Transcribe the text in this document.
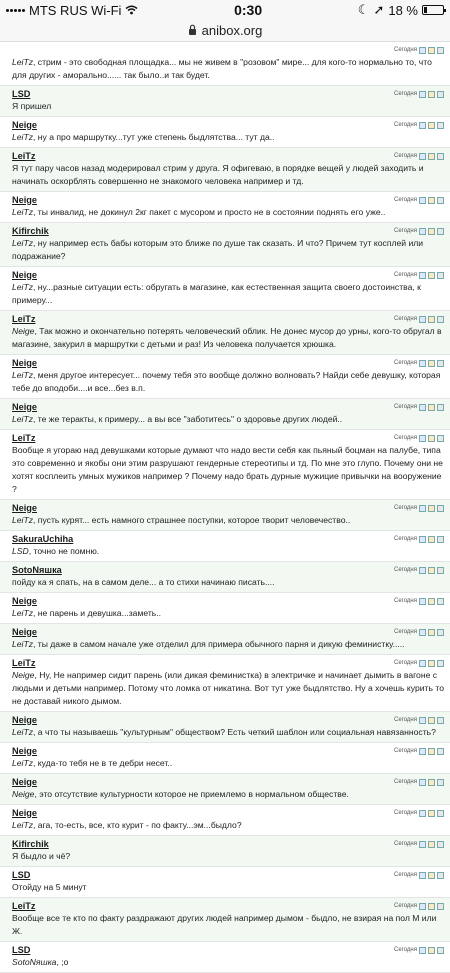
MTS RUS Wi-Fi	0:30	☾ ➚ 18 %
anibox.org
Сегодня
LeiTz, стрим - это свободная площадка... мы не живем в "розовом" мире... для кого-то нормально то, что для других - аморально...... так было..и так будет.
LSD	Сегодня
Я пришел
Neige	Сегодня
LeiTz, ну а про маршрутку...тут уже степень быдлятства... тут да..
LeiTz	Сегодня
Я тут пару часов назад модерировал стрим у друга. Я офигеваю, в порядке вещей у людей заходить и начинать оскорблять совершенно не знакомого человека например и тд.
Neige	Сегодня
LeiTz, ты инвалид, не докинул 2кг пакет с мусором и просто не в состоянии поднять его уже..
Kifirchik	Сегодня
LeiTz, ну например есть бабы которым это ближе по душе так сказать. И что? Причем тут косплей или подражание?
Neige	Сегодня
LeiTz, ну...разные ситуации есть: обругать в магазине, как естественная защита своего достоинства, к примеру...
LeiTz	Сегодня
Neige, Так можно и окончательно потерять человеческий облик. Не донес мусор до урны, кого-то обругал в магазине, закурил в маршрутки с детьми и раз! Из человека получается хрюшка.
Neige	Сегодня
LeiTz, меня другое интересует... почему тебя это вообще должно волновать? Найди себе девушку, которая тебе до вподоби....и все...без в.п.
Neige	Сегодня
LeiTz, те же теракты, к примеру... а вы все "заботитесь" о здоровье других людей..
LeiTz	Сегодня
Вообще я угораю над девушками которые думают что надо вести себя как пьяный боцман на палубе, типа это современно и якобы они этим разрушают гендерные стереотипы и тд. По мне это глупо. Почему они не хотят косплеить умных мужиков например ? Почему надо брать дурные мужицие привычки на вооружение ?
Neige	Сегодня
LeiTz, пусть курят... есть намного страшнее поступки, которое творит человечество..
SakuraUchiha	Сегодня
LSD, точно не помню.
SotoNяшка	Сегодня
пойду ка я спать, на в самом деле... а то стихи начинаю писать....
Neige	Сегодня
LeiTz, не парень и девушка...заметь..
Neige	Сегодня
LeiTz, ты даже в самом начале уже отделил для примера обычного парня и дикую феминистку.....
LeiTz	Сегодня
Neige, Ну, Не например сидит парень (или дикая феминистка) в электричке и начинает дымить в вагоне с людьми и детьми например. Потому что ломка от никатина. Вот тут уже быдлятство. Ну а хочешь курить то не доставай никого дымом.
Neige	Сегодня
LeiTz, а что ты называешь "культурным" обществом? Есть четкий шаблон или социальная навязанность?
Neige	Сегодня
LeiTz, куда-то тебя не в те дебри несет..
Neige	Сегодня
Neige, это отсутствие культурности которое не приемлемо в нормальном обществе.
Neige	Сегодня
LeiTz, ага, то-есть, все, кто курит - по факту...эм...быдло?
Kifirchik	Сегодня
Я быдло и чё?
LSD	Сегодня
Отойду на 5 минут
LeiTz	Сегодня
Вообще все те кто по факту раздражают других людей например дымом - быдло, не взирая на пол М или Ж.
LSD	Сегодня
SotoNяшка, ;o
